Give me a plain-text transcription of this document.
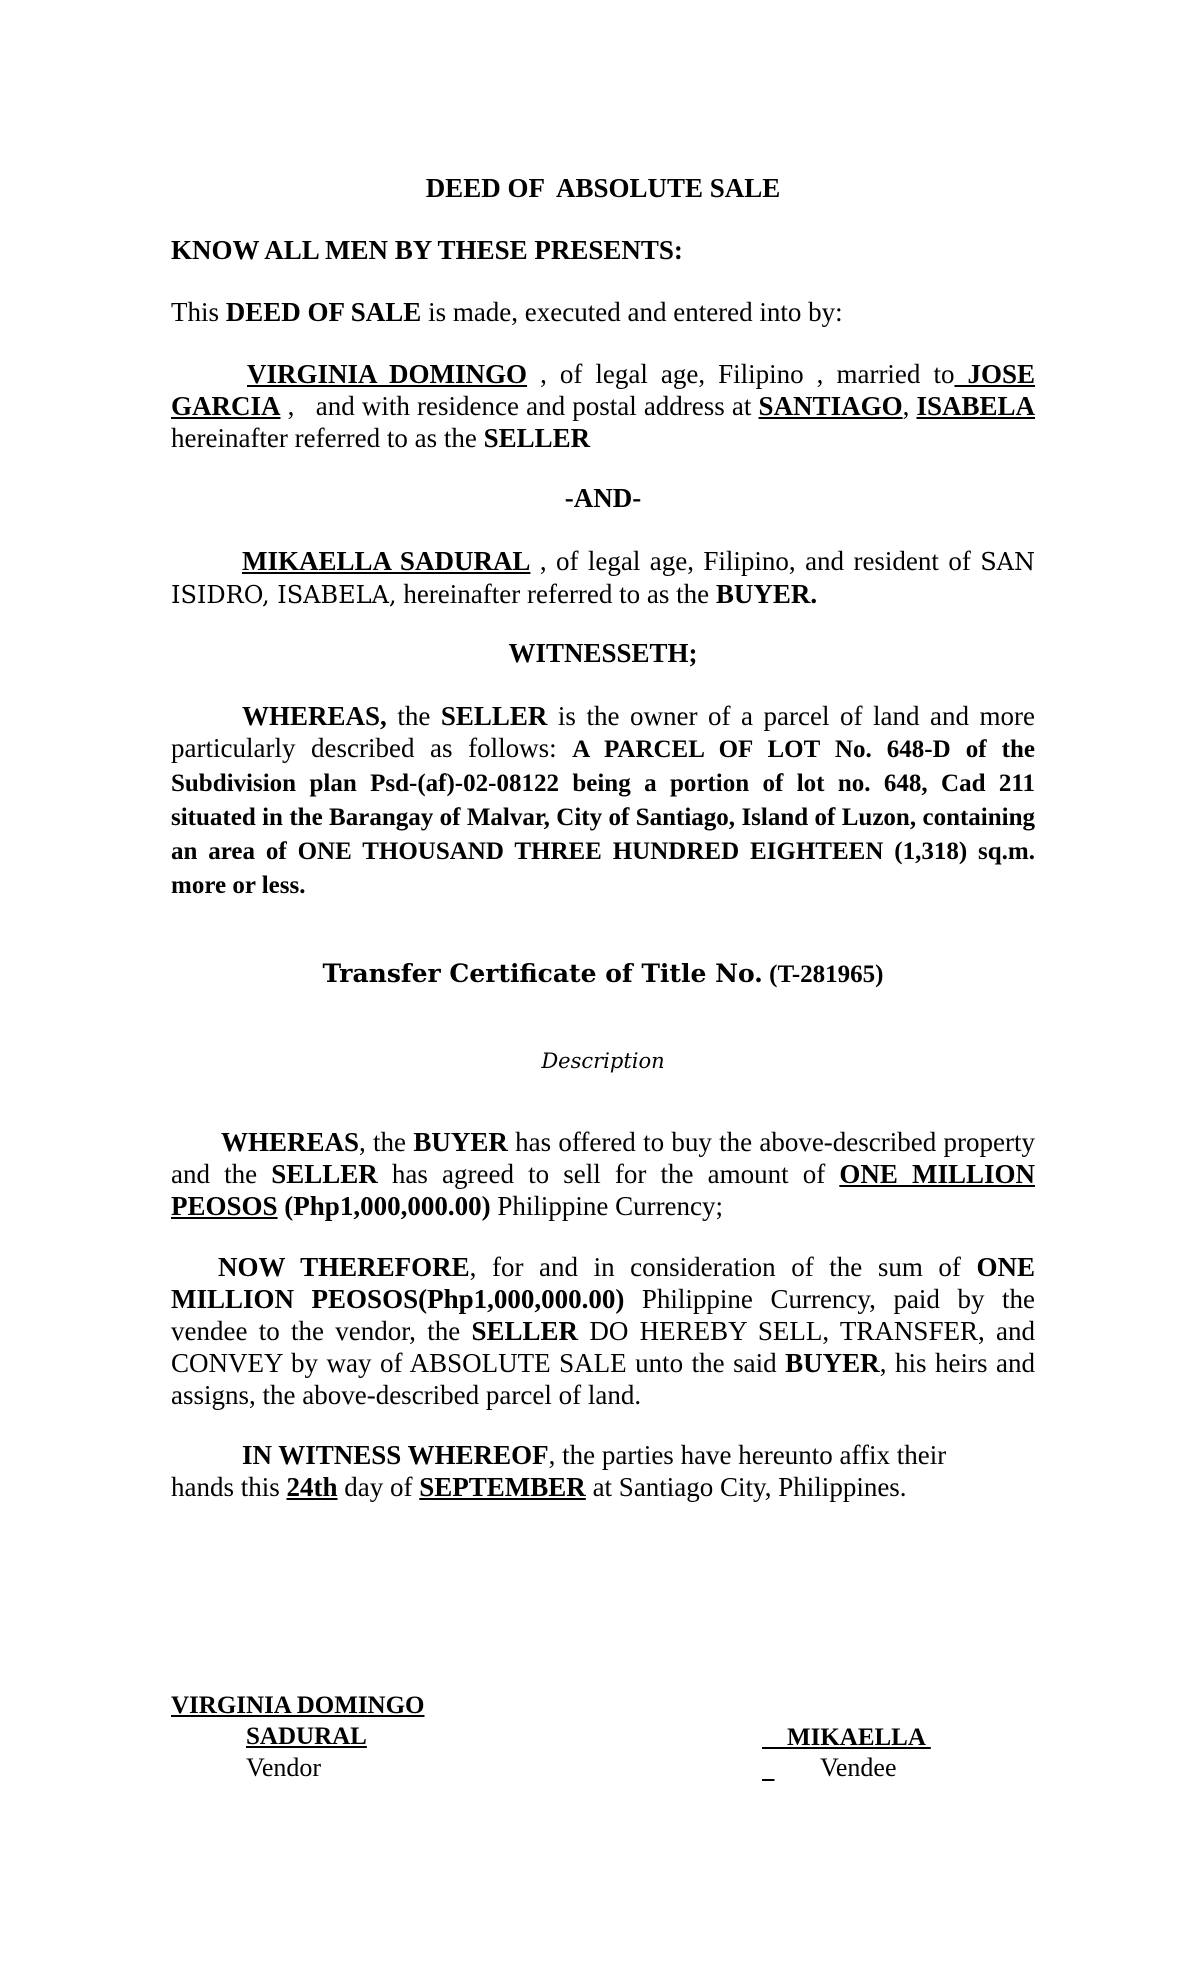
DEED OF  ABSOLUTE SALE
KNOW ALL MEN BY THESE PRESENTS:
This DEED OF SALE is made, executed and entered into by:
VIRGINIA DOMINGO , of legal age, Filipino , married to JOSE GARCIA ,   and with residence and postal address at SANTIAGO, ISABELA  hereinafter referred to as the SELLER
-AND-
MIKAELLA SADURAL , of legal age, Filipino, and resident of SAN ISIDRO, ISABELA, hereinafter referred to as the BUYER.
WITNESSETH;
WHEREAS, the SELLER is the owner of a parcel of land and more particularly described as follows: A PARCEL OF LOT No. 648-D of the Subdivision plan Psd-(af)-02-08122 being a portion of lot no. 648, Cad 211 situated in the Barangay of Malvar, City of Santiago, Island of Luzon, containing an area of ONE THOUSAND THREE HUNDRED EIGHTEEN (1,318) sq.m. more or less.
Transfer Certificate of Title No. (T-281965)
Description
WHEREAS, the BUYER has offered to buy the above-described property and the SELLER has agreed to sell for the amount of ONE MILLION PEOSOS (Php1,000,000.00) Philippine Currency;
NOW THEREFORE, for and in consideration of the sum of ONE MILLION PEOSOS(Php1,000,000.00) Philippine Currency, paid by the vendee to the vendor, the SELLER DO HEREBY SELL, TRANSFER, and CONVEY by way of ABSOLUTE SALE unto the said BUYER, his heirs and assigns, the above-described parcel of land.
IN WITNESS WHEREOF, the parties have hereunto affix their hands this 24th day of SEPTEMBER at Santiago City, Philippines.
VIRGINIA DOMINGO
Vendor

MIKAELLA

SADURAL
Vendee
